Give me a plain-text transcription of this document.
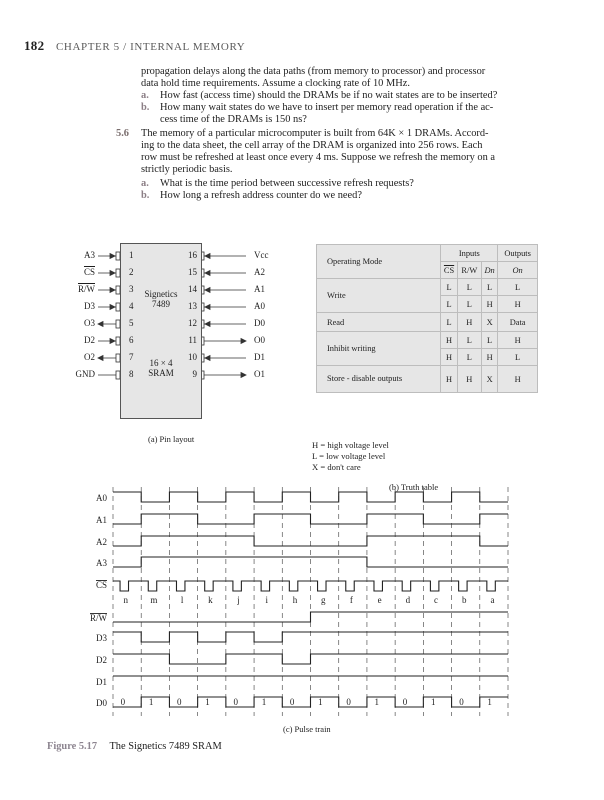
182 CHAPTER 5 / INTERNAL MEMORY
propagation delays along the data paths (from memory to processor) and processor
data hold time requirements. Assume a clocking rate of 10 MHz.
a. How fast (access time) should the DRAMs be if no wait states are to be inserted?
b. How many wait states do we have to insert per memory read operation if the ac-
cess time of the DRAMs is 150 ns?
5.6 The memory of a particular microcomputer is built from 64K × 1 DRAMs. Accord-
ing to the data sheet, the cell array of the DRAM is organized into 256 rows. Each
row must be refreshed at least once every 4 ms. Suppose we refresh the memory on a
strictly periodic basis.
a. What is the time period between successive refresh requests?
b. How long a refresh address counter do we need?
Signetics
7489
16 × 4
SRAM
A3	1
$\overline{CS}$	2
R/W	3
D3	4
O3	5
D2	6
O2	7
GND	8
Vcc
16
A2
15
A1
14
A0
13
D0
12
O0
11
D1
10
O1
9
(a) Pin layout
Operating Mode	Inputs			Outputs
	$\overline{CS}$	R/W	Dn	On
Write	L	L	L	L
	L	L	H	H
Read	L	H	X	Data
Inhibit writing	H	L	L	H
	H	L	H	L
Store - disable outputs	H	H	X	H
H = high voltage level
L = low voltage level
X = don't care
(b) Truth table
A0
A1
A2
A3
CS
R/W
D3
D2
D1
D0
n m	l	k	j	i	h	g	f	e	d	c	b	a
0	1	0	1	0	1	0	1	0	1	0	1	0	1
(c) Pulse train
Figure 5.17 The Signetics 7489 SRAM
